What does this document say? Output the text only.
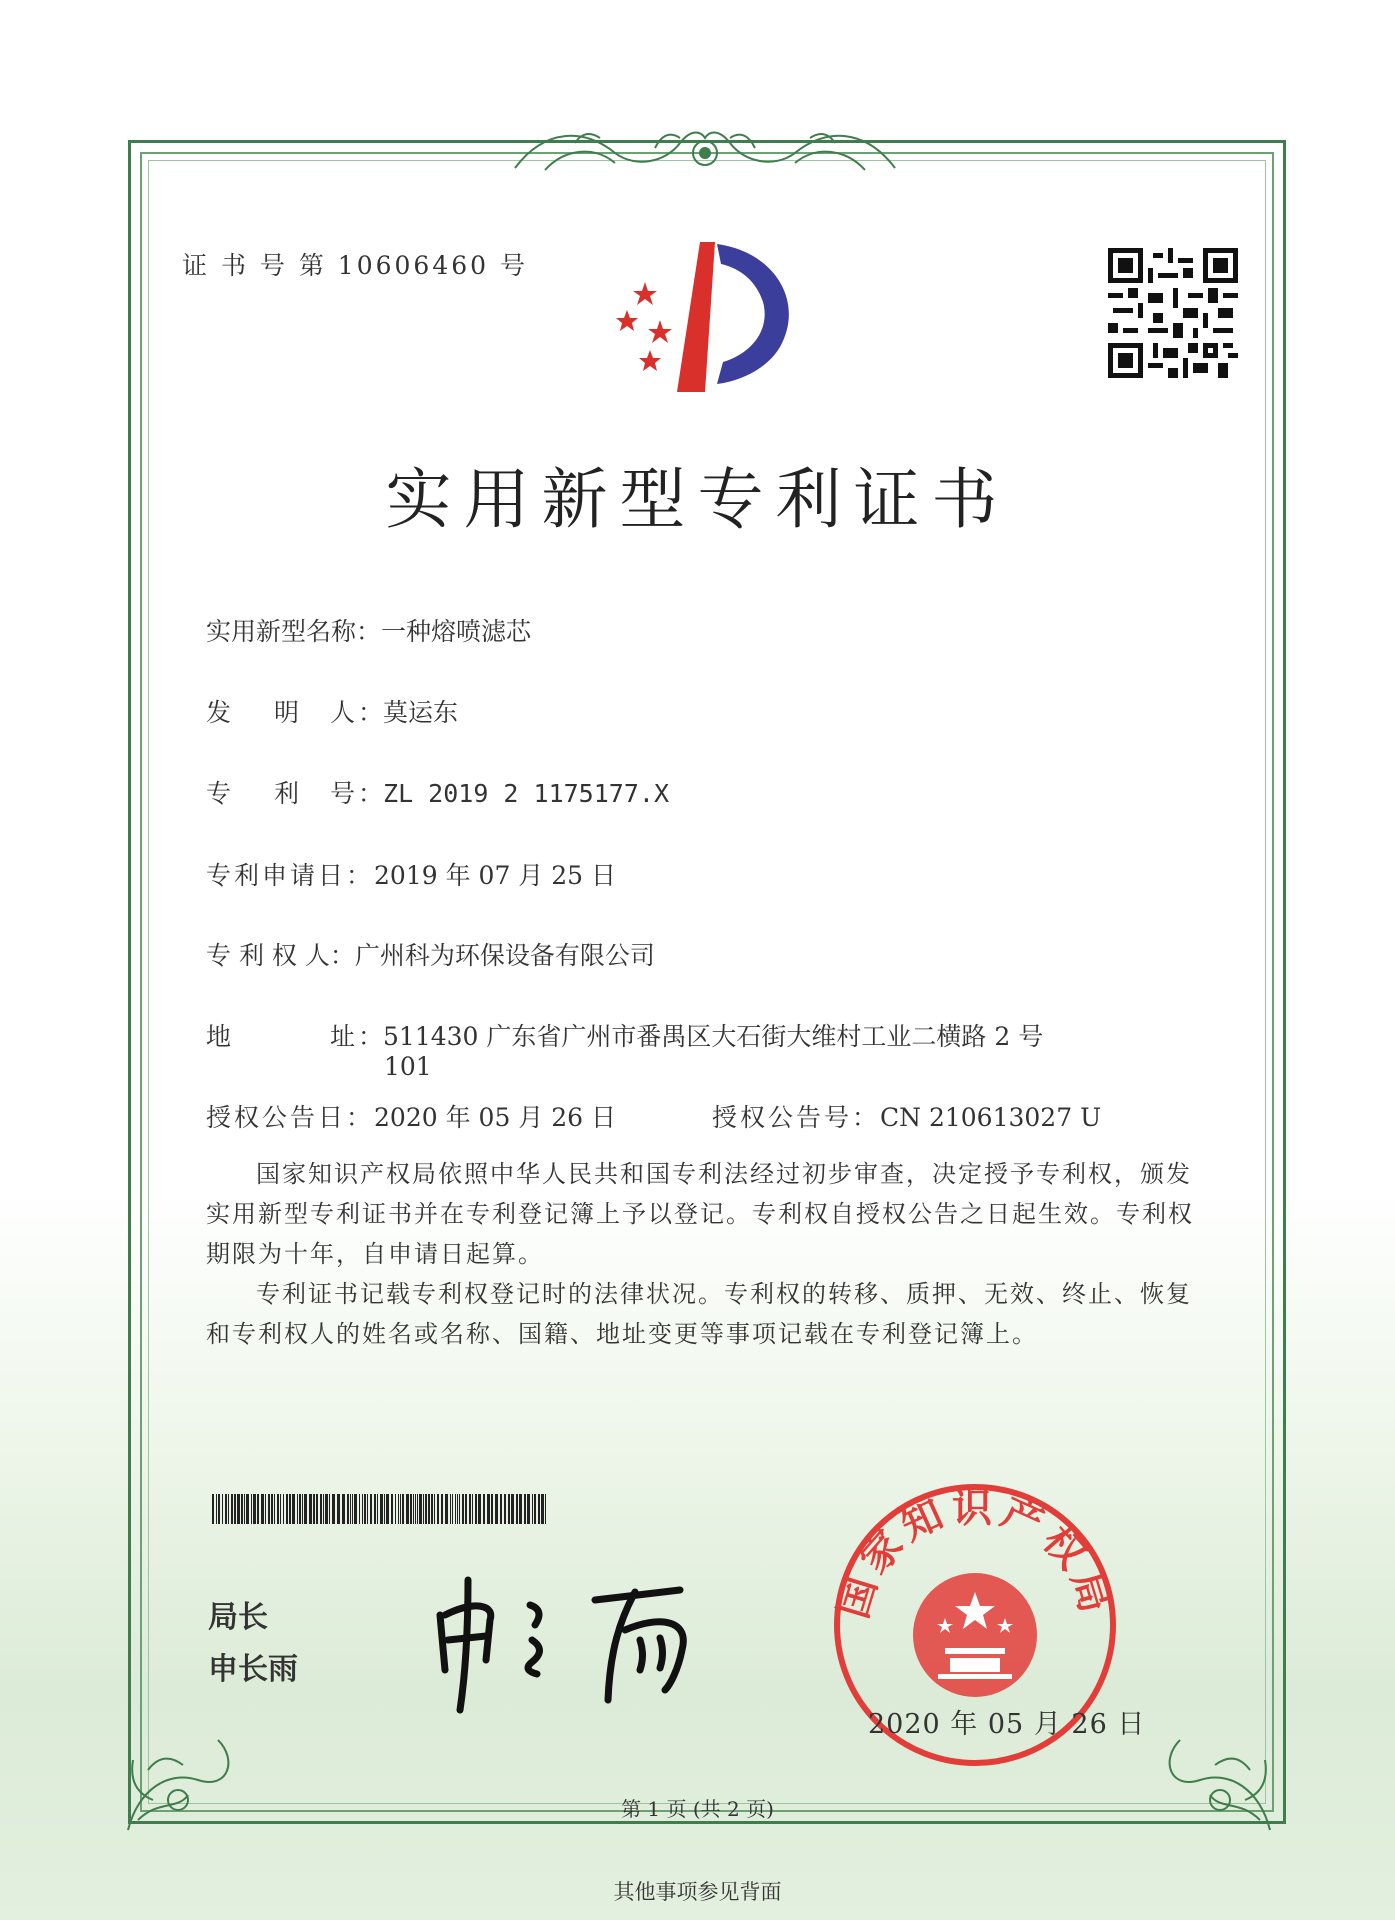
证 书 号 第 10606460 号
实用新型专利证书
实用新型名称：一种熔喷滤芯
发 明 人 ：莫运东
专 利 号 ：ZL 2019 2 1175177.X
专利申请日：2019 年 07 月 25 日
专 利 权 人：广州科为环保设备有限公司
地	址 ：511430 广东省广州市番禺区大石街大维村工业二横路 2 号
101
授权公告日：2020 年 05 月 26 日	授权公告号：CN 210613027 U
国家知识产权局依照中华人民共和国专利法经过初步审查，决定授予专利权，颁发实用新型专利证书并在专利登记簿上予以登记。专利权自授权公告之日起生效。专利权期限为十年，自申请日起算。
专利证书记载专利权登记时的法律状况。专利权的转移、质押、无效、终止、恢复和专利权人的姓名或名称、国籍、地址变更等事项记载在专利登记簿上。
局长
申长雨
国家知识产权局
2020 年 05 月 26 日
第 1 页 (共 2 页)
其他事项参见背面
